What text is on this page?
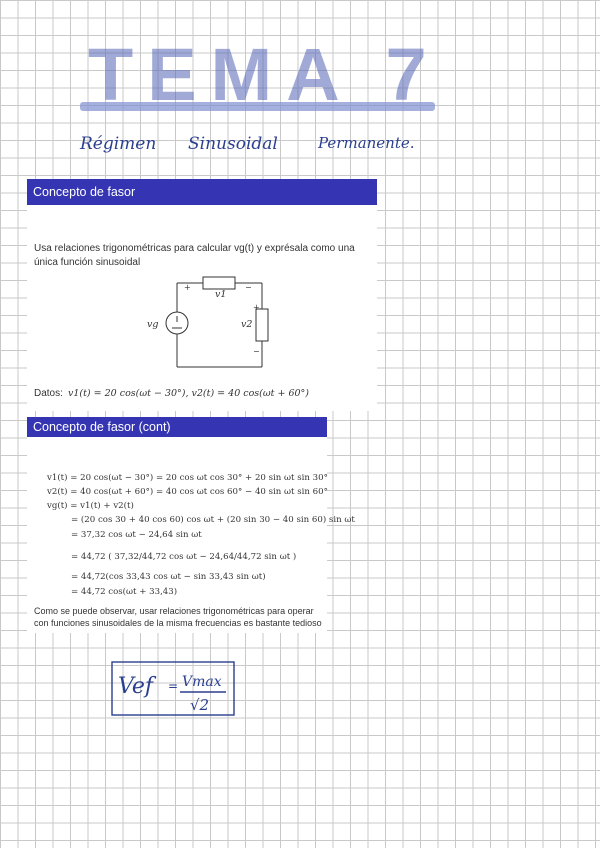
TEMA 7
Régimen Sinusoidal	Permanente.
Concepto de fasor
Usa relaciones trigonométricas para calcular vg(t) y exprésala como una única función sinusoidal
vg
v1
v2
+	−
+
−
Datos: v1(t) = 20 cos(ωt − 30°), v2(t) = 40 cos(ωt + 60°)
Concepto de fasor (cont)
v1(t) = 20 cos(ωt − 30°) = 20 cos ωt cos 30° + 20 sin ωt sin 30°
v2(t) = 40 cos(ωt + 60°) = 40 cos ωt cos 60° − 40 sin ωt sin 60°
vg(t) = v1(t) + v2(t)
= (20 cos 30 + 40 cos 60) cos ωt + (20 sin 30 − 40 sin 60) sin ωt
= 37,32 cos ωt − 24,64 sin ωt
= 44,72 ( 37,32/44,72 cos ωt − 24,64/44,72 sin ωt )
= 44,72(cos 33,43 cos ωt − sin 33,43 sin ωt)
= 44,72 cos(ωt + 33,43)
Como se puede observar, usar relaciones trigonométricas para operar con funciones sinusoidales de la misma frecuencias es bastante tedioso
Vef	= Vmax
√2
